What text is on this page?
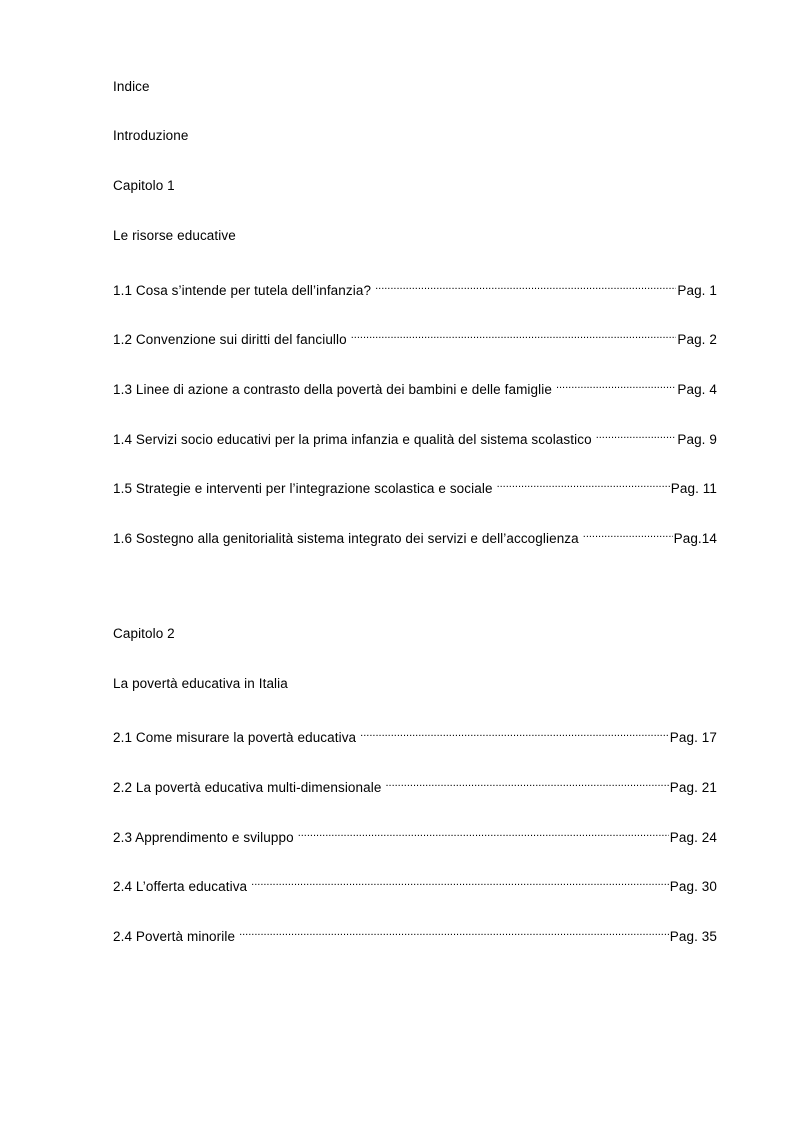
Indice
Introduzione
Capitolo 1
Le risorse educative
1.1 Cosa s’intende per tutela dell’infanzia? .....	Pag. 1
1.2 Convenzione sui diritti del fanciullo .....	Pag. 2
1.3 Linee di azione a contrasto della povertà dei bambini e delle famiglie .....	Pag. 4
1.4 Servizi socio educativi per la prima infanzia e qualità del sistema scolastico .....	Pag. 9
1.5 Strategie e interventi per l’integrazione scolastica e sociale .....	Pag. 11
1.6 Sostegno alla genitorialità sistema integrato dei servizi e dell’accoglienza .....	Pag.14
Capitolo 2
La povertà educativa in Italia
2.1 Come misurare la povertà educativa .....	Pag. 17
2.2 La povertà educativa multi-dimensionale .....	Pag. 21
2.3 Apprendimento e sviluppo .....	Pag. 24
2.4 L’offerta educativa .....	Pag. 30
2.4 Povertà minorile .....	Pag. 35
